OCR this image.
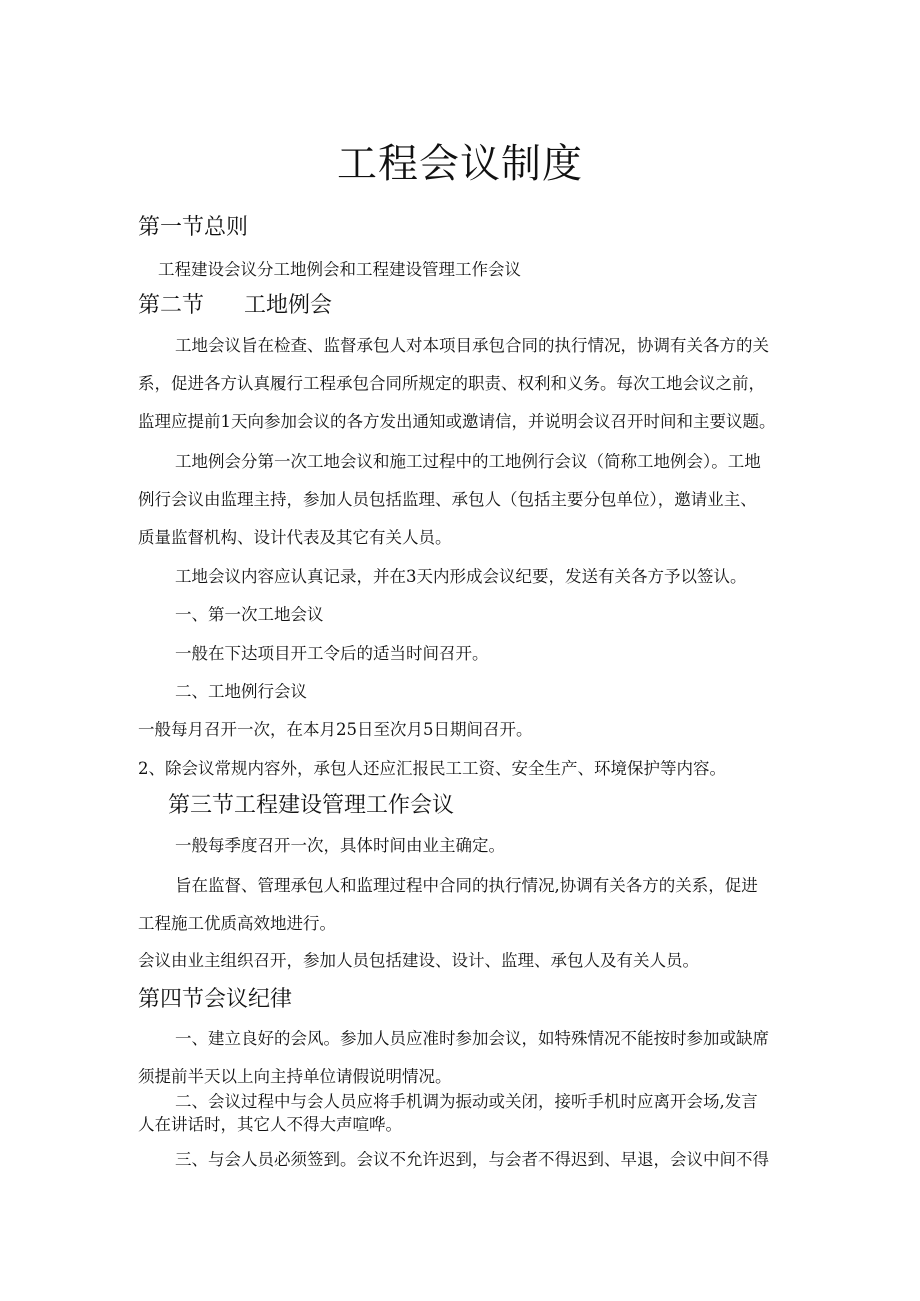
工程会议制度
第一节总则
工程建设会议分工地例会和工程建设管理工作会议
第二节 工地例会
工地会议旨在检查、监督承包人对本项目承包合同的执行情况，协调有关各方的关
系，促进各方认真履行工程承包合同所规定的职责、权利和义务。每次工地会议之前，
监理应提前1天向参加会议的各方发出通知或邀请信，并说明会议召开时间和主要议题。
工地例会分第一次工地会议和施工过程中的工地例行会议（简称工地例会）。工地
例行会议由监理主持，参加人员包括监理、承包人（包括主要分包单位），邀请业主、
质量监督机构、设计代表及其它有关人员。
工地会议内容应认真记录，并在3天内形成会议纪要，发送有关各方予以签认。
一、第一次工地会议
一般在下达项目开工令后的适当时间召开。
二、工地例行会议
一般每月召开一次，在本月25日至次月5日期间召开。
2、除会议常规内容外，承包人还应汇报民工工资、安全生产、环境保护等内容。
第三节工程建设管理工作会议
一般每季度召开一次，具体时间由业主确定。
旨在监督、管理承包人和监理过程中合同的执行情况,协调有关各方的关系，促进
工程施工优质高效地进行。
会议由业主组织召开，参加人员包括建设、设计、监理、承包人及有关人员。
第四节会议纪律
一、建立良好的会风。参加人员应准时参加会议，如特殊情况不能按时参加或缺席
须提前半天以上向主持单位请假说明情况。
二、会议过程中与会人员应将手机调为振动或关闭，接听手机时应离开会场,发言
人在讲话时，其它人不得大声喧哗。
三、与会人员必须签到。会议不允许迟到，与会者不得迟到、早退，会议中间不得
